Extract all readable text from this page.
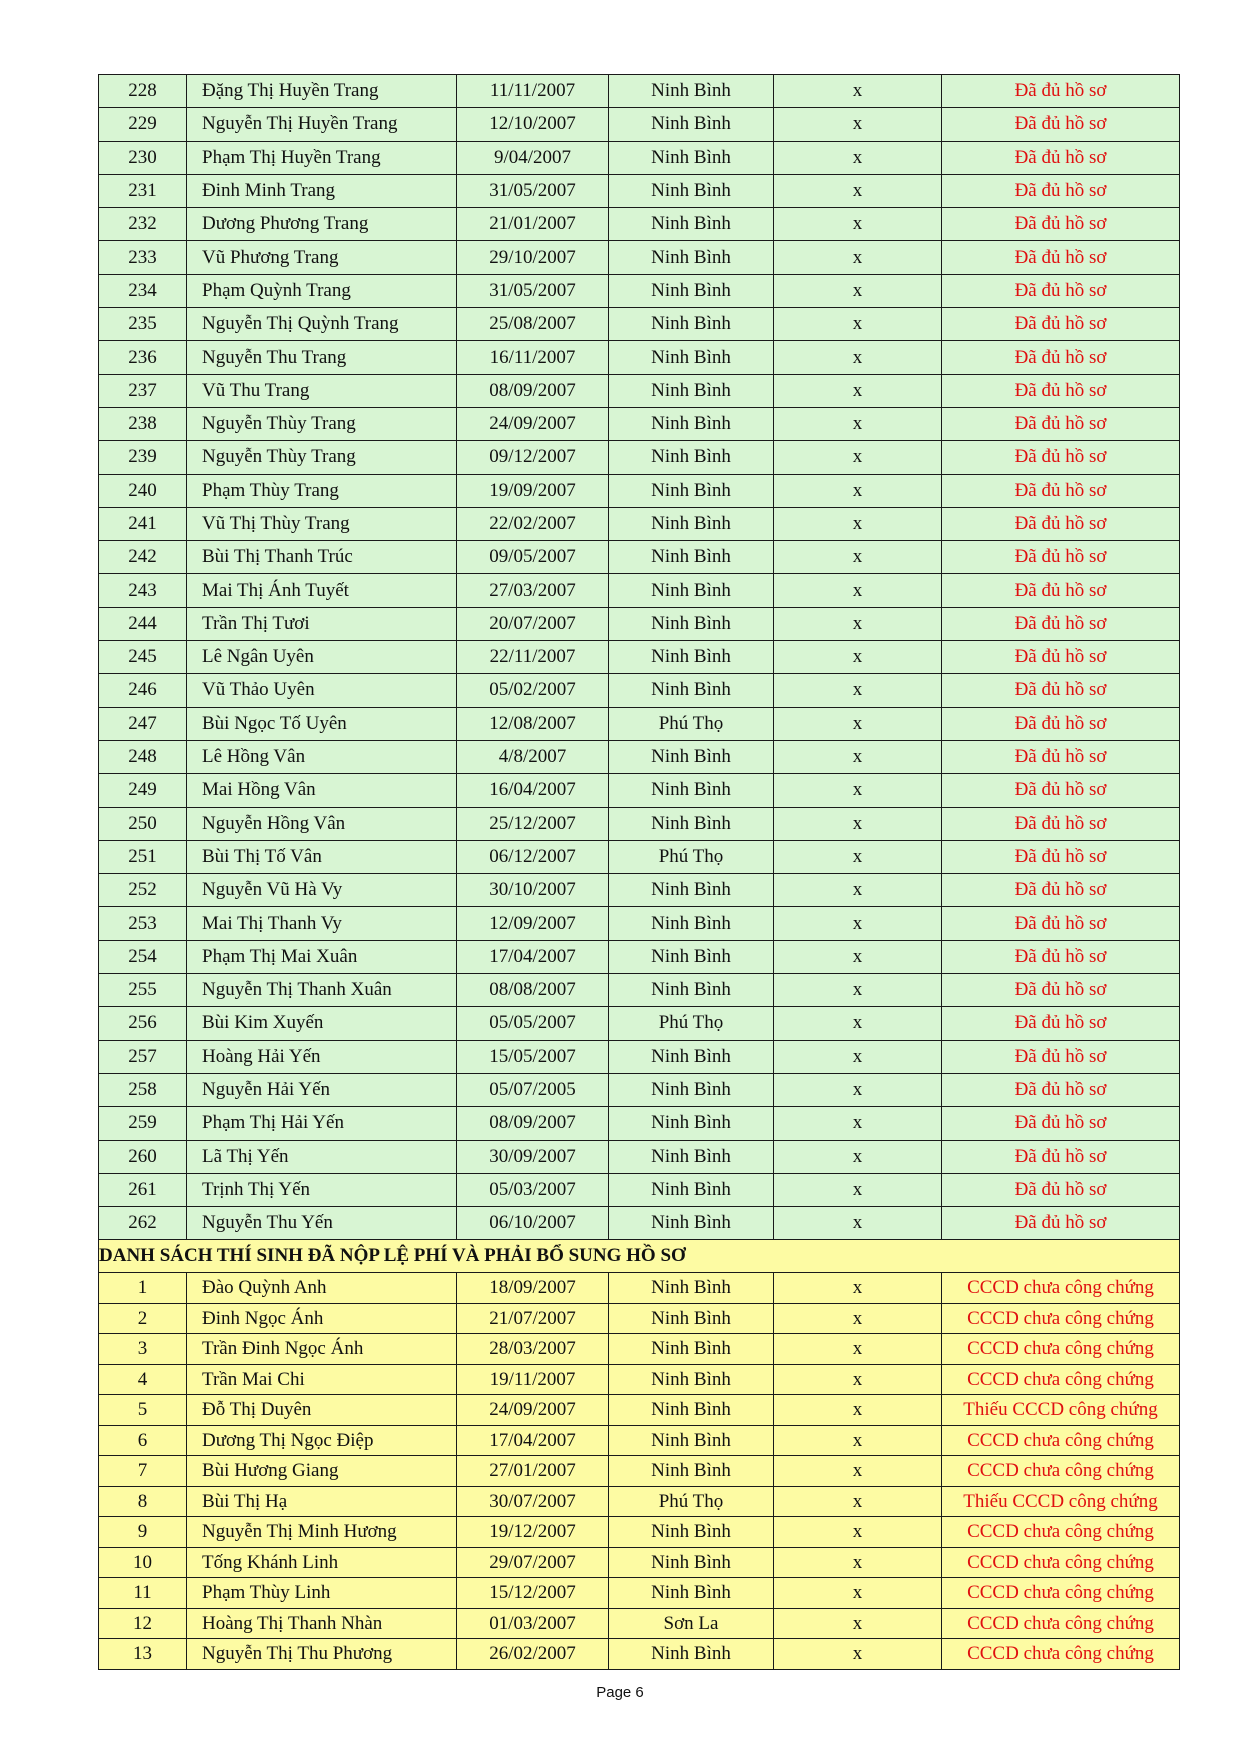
228	Đặng Thị Huyền Trang	11/11/2007	Ninh Bình	x	Đã đủ hồ sơ
229	Nguyễn Thị Huyền Trang	12/10/2007	Ninh Bình	x	Đã đủ hồ sơ
230	Phạm Thị Huyền Trang	9/04/2007	Ninh Bình	x	Đã đủ hồ sơ
231	Đinh Minh Trang	31/05/2007	Ninh Bình	x	Đã đủ hồ sơ
232	Dương Phương Trang	21/01/2007	Ninh Bình	x	Đã đủ hồ sơ
233	Vũ Phương Trang	29/10/2007	Ninh Bình	x	Đã đủ hồ sơ
234	Phạm Quỳnh Trang	31/05/2007	Ninh Bình	x	Đã đủ hồ sơ
235	Nguyễn Thị Quỳnh Trang	25/08/2007	Ninh Bình	x	Đã đủ hồ sơ
236	Nguyễn Thu Trang	16/11/2007	Ninh Bình	x	Đã đủ hồ sơ
237	Vũ Thu Trang	08/09/2007	Ninh Bình	x	Đã đủ hồ sơ
238	Nguyễn Thùy Trang	24/09/2007	Ninh Bình	x	Đã đủ hồ sơ
239	Nguyễn Thùy Trang	09/12/2007	Ninh Bình	x	Đã đủ hồ sơ
240	Phạm Thùy Trang	19/09/2007	Ninh Bình	x	Đã đủ hồ sơ
241	Vũ Thị Thùy Trang	22/02/2007	Ninh Bình	x	Đã đủ hồ sơ
242	Bùi Thị Thanh Trúc	09/05/2007	Ninh Bình	x	Đã đủ hồ sơ
243	Mai Thị Ánh Tuyết	27/03/2007	Ninh Bình	x	Đã đủ hồ sơ
244	Trần Thị Tươi	20/07/2007	Ninh Bình	x	Đã đủ hồ sơ
245	Lê Ngân Uyên	22/11/2007	Ninh Bình	x	Đã đủ hồ sơ
246	Vũ Thảo Uyên	05/02/2007	Ninh Bình	x	Đã đủ hồ sơ
247	Bùi Ngọc Tố Uyên	12/08/2007	Phú Thọ	x	Đã đủ hồ sơ
248	Lê Hồng Vân	4/8/2007	Ninh Bình	x	Đã đủ hồ sơ
249	Mai Hồng Vân	16/04/2007	Ninh Bình	x	Đã đủ hồ sơ
250	Nguyễn Hồng Vân	25/12/2007	Ninh Bình	x	Đã đủ hồ sơ
251	Bùi Thị Tố Vân	06/12/2007	Phú Thọ	x	Đã đủ hồ sơ
252	Nguyễn Vũ Hà Vy	30/10/2007	Ninh Bình	x	Đã đủ hồ sơ
253	Mai Thị Thanh Vy	12/09/2007	Ninh Bình	x	Đã đủ hồ sơ
254	Phạm Thị Mai Xuân	17/04/2007	Ninh Bình	x	Đã đủ hồ sơ
255	Nguyễn Thị Thanh Xuân	08/08/2007	Ninh Bình	x	Đã đủ hồ sơ
256	Bùi Kim Xuyến	05/05/2007	Phú Thọ	x	Đã đủ hồ sơ
257	Hoàng Hải Yến	15/05/2007	Ninh Bình	x	Đã đủ hồ sơ
258	Nguyễn Hải Yến	05/07/2005	Ninh Bình	x	Đã đủ hồ sơ
259	Phạm Thị Hải Yến	08/09/2007	Ninh Bình	x	Đã đủ hồ sơ
260	Lã Thị Yến	30/09/2007	Ninh Bình	x	Đã đủ hồ sơ
261	Trịnh Thị Yến	05/03/2007	Ninh Bình	x	Đã đủ hồ sơ
262	Nguyễn Thu Yến	06/10/2007	Ninh Bình	x	Đã đủ hồ sơ
DANH SÁCH THÍ SINH ĐÃ NỘP LỆ PHÍ VÀ PHẢI BỔ SUNG HỒ SƠ					
1	Đào Quỳnh Anh	18/09/2007	Ninh Bình	x	CCCD chưa công chứng
2	Đinh Ngọc Ánh	21/07/2007	Ninh Bình	x	CCCD chưa công chứng
3	Trần Đinh Ngọc Ánh	28/03/2007	Ninh Bình	x	CCCD chưa công chứng
4	Trần Mai Chi	19/11/2007	Ninh Bình	x	CCCD chưa công chứng
5	Đỗ Thị Duyên	24/09/2007	Ninh Bình	x	Thiếu CCCD công chứng
6	Dương Thị Ngọc Điệp	17/04/2007	Ninh Bình	x	CCCD chưa công chứng
7	Bùi Hương Giang	27/01/2007	Ninh Bình	x	CCCD chưa công chứng
8	Bùi Thị Hạ	30/07/2007	Phú Thọ	x	Thiếu CCCD công chứng
9	Nguyễn Thị Minh Hương	19/12/2007	Ninh Bình	x	CCCD chưa công chứng
10	Tống Khánh Linh	29/07/2007	Ninh Bình	x	CCCD chưa công chứng
11	Phạm Thùy Linh	15/12/2007	Ninh Bình	x	CCCD chưa công chứng
12	Hoàng Thị Thanh Nhàn	01/03/2007	Sơn La	x	CCCD chưa công chứng
13	Nguyễn Thị Thu Phương	26/02/2007	Ninh Bình	x	CCCD chưa công chứng
Page 6
